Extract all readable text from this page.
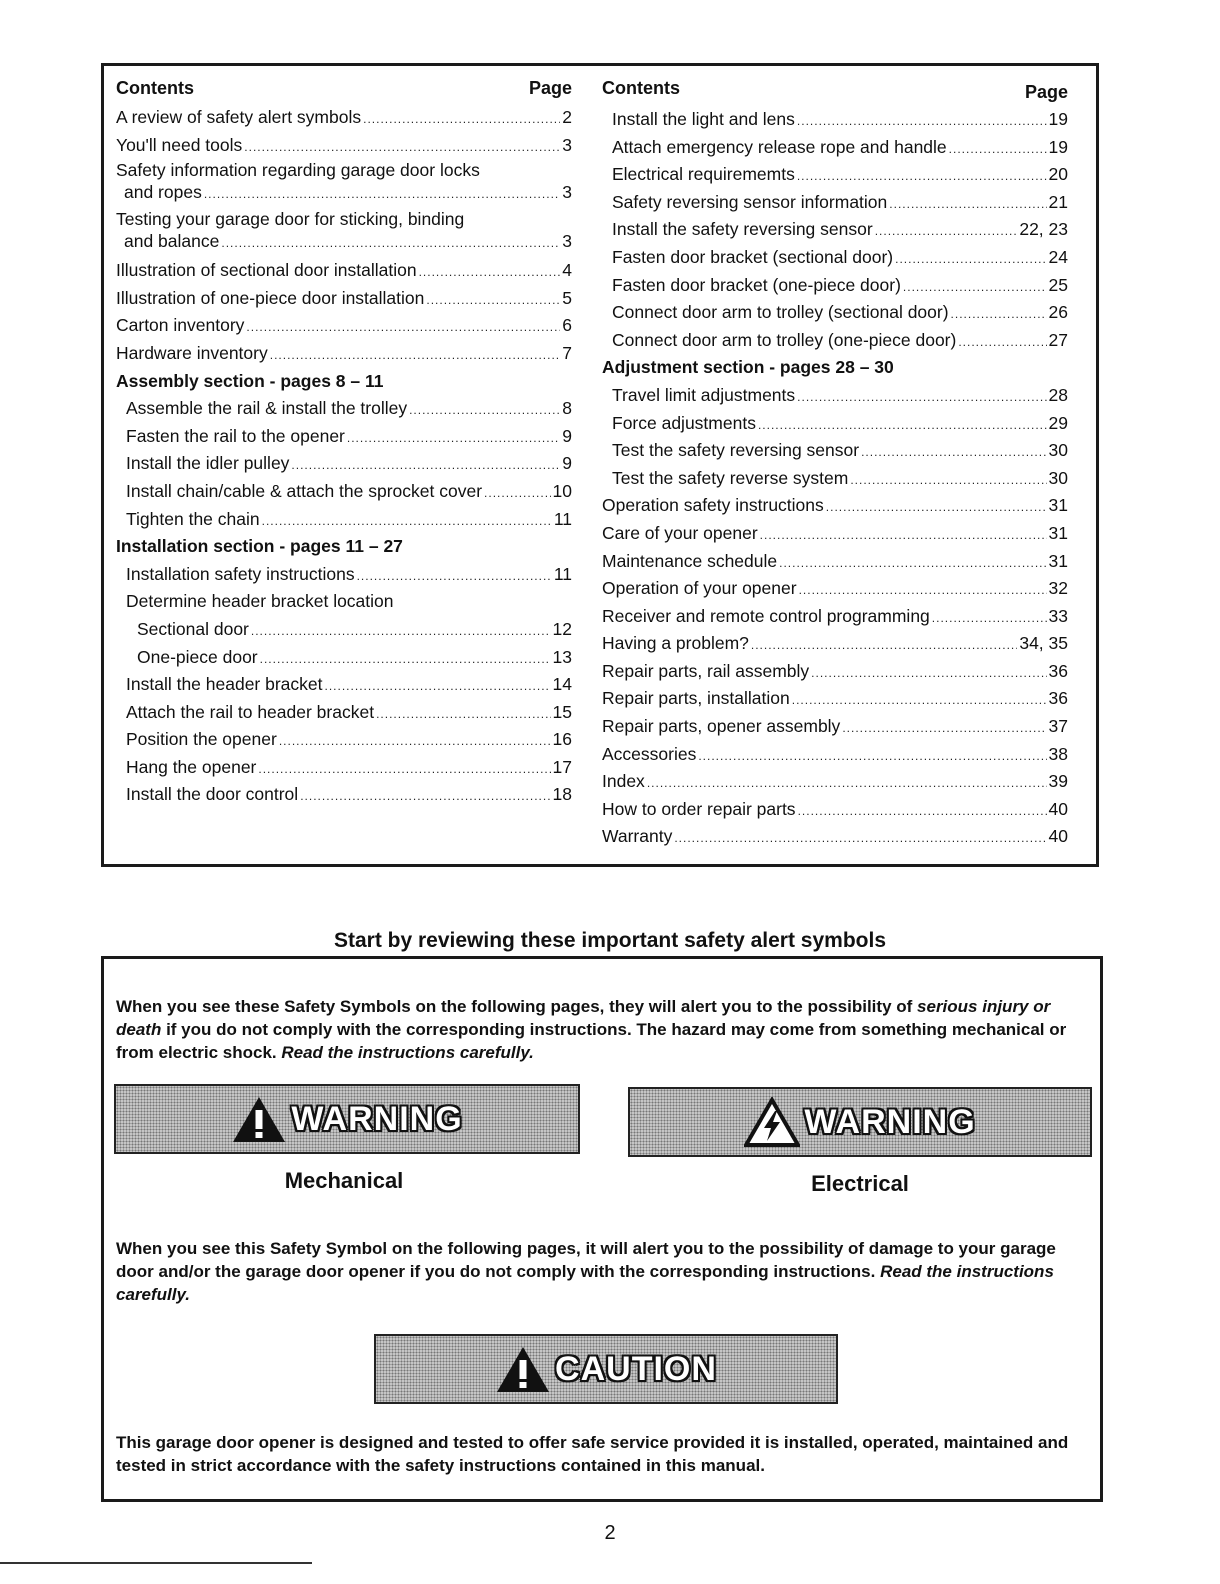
Contents	Page
A review of safety alert symbols .....	2
You'll need tools .....	3
Safety information regarding garage door locks
and ropes .....	3
Testing your garage door for sticking, binding
and balance .....	3
Illustration of sectional door installation .....	4
Illustration of one-piece door installation .....	5
Carton inventory .....	6
Hardware inventory .....	7
Assembly section - pages 8 – 11
Assemble the rail & install the trolley .....	8
Fasten the rail to the opener .....	9
Install the idler pulley .....	9
Install chain/cable & attach the sprocket cover .....	10
Tighten the chain .....	11
Installation section - pages 11 – 27
Installation safety instructions .....	11
Determine header bracket location
Sectional door .....	12
One-piece door .....	13
Install the header bracket .....	14
Attach the rail to header bracket .....	15
Position the opener .....	16
Hang the opener .....	17
Install the door control .....	18
Contents	Page
Install the light and lens .....	19
Attach emergency release rope and handle .....	19
Electrical requirememts .....	20
Safety reversing sensor information .....	21
Install the safety reversing sensor .....	22, 23
Fasten door bracket (sectional door) .....	24
Fasten door bracket (one-piece door) .....	25
Connect door arm to trolley (sectional door) .....	26
Connect door arm to trolley (one-piece door) .....	27
Adjustment section - pages 28 – 30
Travel limit adjustments .....	28
Force adjustments .....	29
Test the safety reversing sensor .....	30
Test the safety reverse system .....	30
Operation safety instructions .....	31
Care of your opener .....	31
Maintenance schedule .....	31
Operation of your opener .....	32
Receiver and remote control programming .....	33
Having a problem? .....	34, 35
Repair parts, rail assembly .....	36
Repair parts, installation .....	36
Repair parts, opener assembly .....	37
Accessories .....	38
Index .....	39
How to order repair parts .....	40
Warranty .....	40
Start by reviewing these important safety alert symbols
When you see these Safety Symbols on the following pages, they will alert you to the possibility of serious injury or death if you do not comply with the corresponding instructions. The hazard may come from something mechanical or from electric shock. Read the instructions carefully.
WARNING
Mechanical
WARNING
Electrical
When you see this Safety Symbol on the following pages, it will alert you to the possibility of damage to your garage door and/or the garage door opener if you do not comply with the corresponding instructions. Read the instructions carefully.
CAUTION
This garage door opener is designed and tested to offer safe service provided it is installed, operated, maintained and tested in strict accordance with the safety instructions contained in this manual.
2
